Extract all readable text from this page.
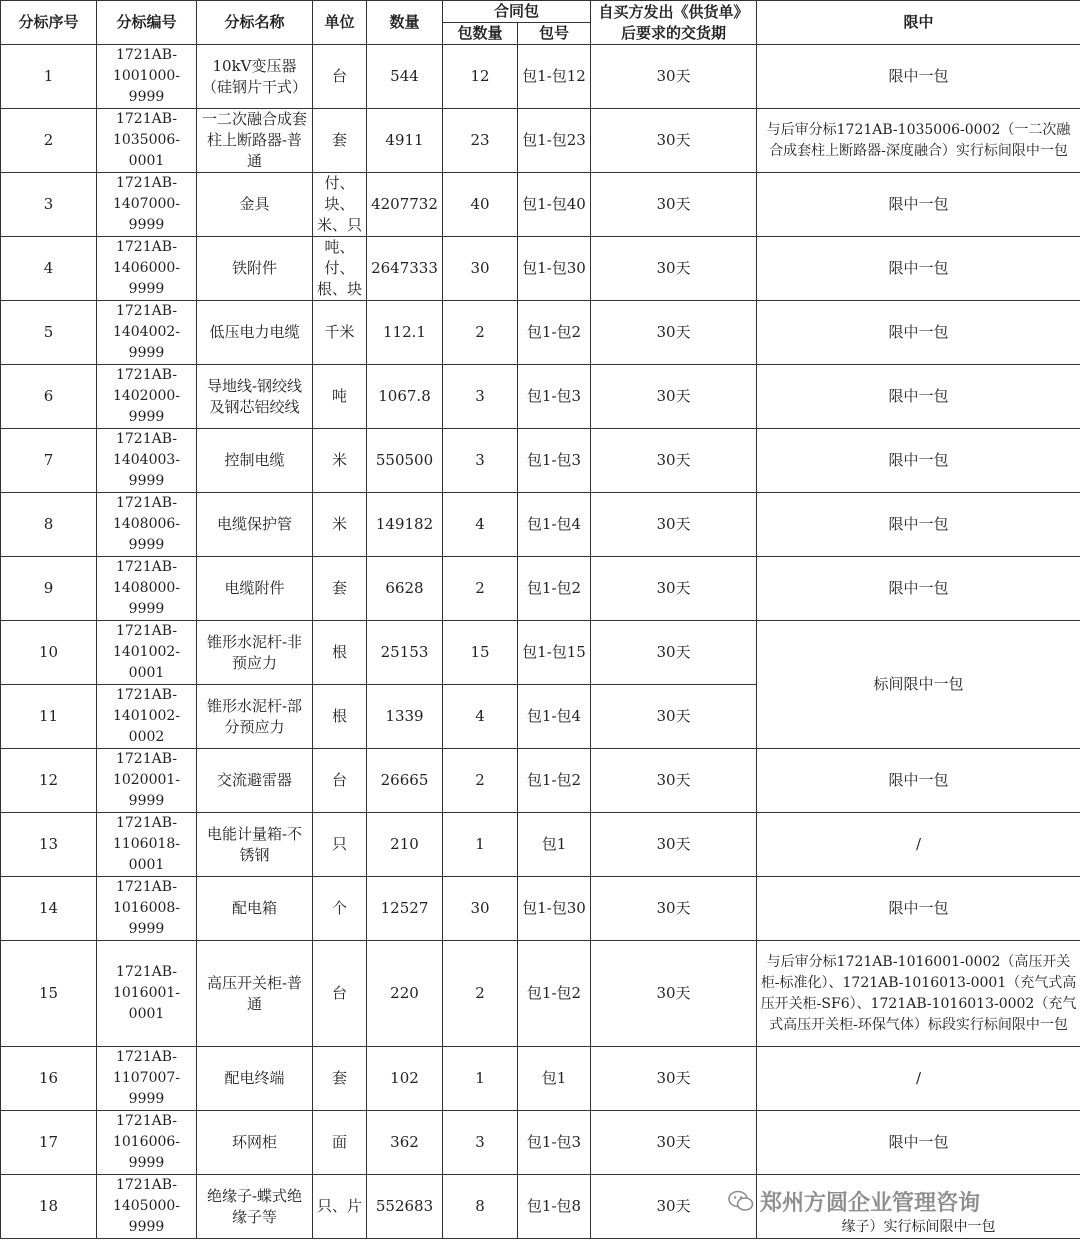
分标序号	分标编号	分标名称	单位	数量	合同包		自买方发出《供货单》后要求的交货期	限中
					包数量	包号		
1	1721AB-1001000-9999	10kV变压器（硅钢片干式）	台	544	12	包1-包12	30天	限中一包
2	1721AB-1035006-0001	一二次融合成套柱上断路器-普通	套	4911	23	包1-包23	30天	与后审分标1721AB-1035006-0002（一二次融合成套柱上断路器-深度融合）实行标间限中一包
3	1721AB-1407000-9999	金具	付、块、米、只	4207732	40	包1-包40	30天	限中一包
4	1721AB-1406000-9999	铁附件	吨、付、根、块	2647333	30	包1-包30	30天	限中一包
5	1721AB-1404002-9999	低压电力电缆	千米	112.1	2	包1-包2	30天	限中一包
6	1721AB-1402000-9999	导地线-钢绞线及钢芯铝绞线	吨	1067.8	3	包1-包3	30天	限中一包
7	1721AB-1404003-9999	控制电缆	米	550500	3	包1-包3	30天	限中一包
8	1721AB-1408006-9999	电缆保护管	米	149182	4	包1-包4	30天	限中一包
9	1721AB-1408000-9999	电缆附件	套	6628	2	包1-包2	30天	限中一包
10	1721AB-1401002-0001	锥形水泥杆-非预应力	根	25153	15	包1-包15	30天	标间限中一包
11	1721AB-1401002-0002	锥形水泥杆-部分预应力	根	1339	4	包1-包4	30天	
12	1721AB-1020001-9999	交流避雷器	台	26665	2	包1-包2	30天	限中一包
13	1721AB-1106018-0001	电能计量箱-不锈钢	只	210	1	包1	30天	/
14	1721AB-1016008-9999	配电箱	个	12527	30	包1-包30	30天	限中一包
15	1721AB-1016001-0001	高压开关柜-普通	台	220	2	包1-包2	30天	与后审分标1721AB-1016001-0002（高压开关柜-标准化）、1721AB-1016013-0001（充气式高压开关柜-SF6）、1721AB-1016013-0002（充气式高压开关柜-环保气体）标段实行标间限中一包
16	1721AB-1107007-9999	配电终端	套	102	1	包1	30天	/
17	1721AB-1016006-9999	环网柜	面	362	3	包1-包3	30天	限中一包
18	1721AB-1405000-9999	绝缘子-蝶式绝缘子等	只、片	552683	8	包1-包8	30天	缘子）实行标间限中一包
郑州方圆企业管理咨询
